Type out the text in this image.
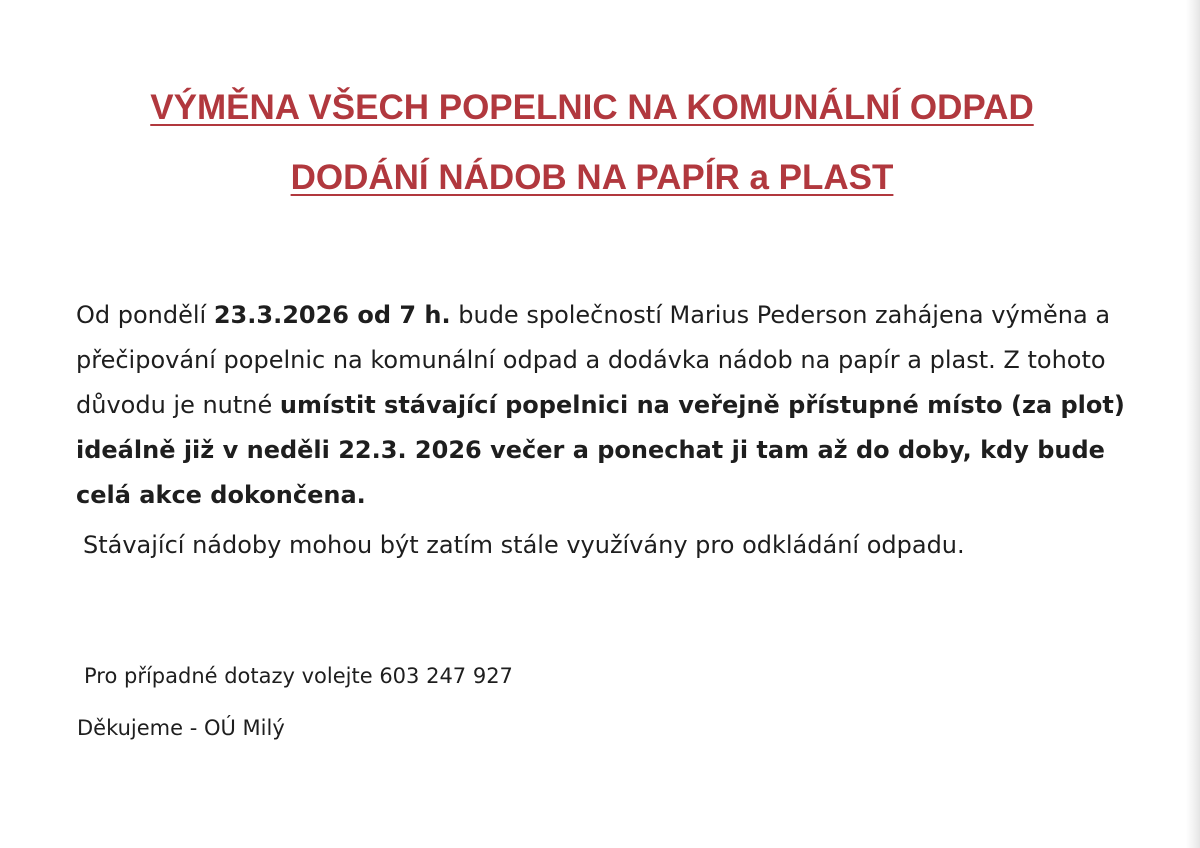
VÝMĚNA VŠECH POPELNIC NA KOMUNÁLNÍ ODPAD
DODÁNÍ NÁDOB NA PAPÍR a PLAST

Od pondělí 23.3.2026 od 7 h. bude společností Marius Pederson zahájena výměna a přečipování popelnic na komunální odpad a dodávka nádob na papír a plast. Z tohoto důvodu je nutné umístit stávající popelnici na veřejně přístupné místo (za plot) ideálně již v neděli 22.3. 2026 večer a ponechat ji tam až do doby, kdy bude celá akce dokončena.

Stávající nádoby mohou být zatím stále využívány pro odkládání odpadu.

Pro případné dotazy volejte 603 247 927

Děkujeme - OÚ Milý
